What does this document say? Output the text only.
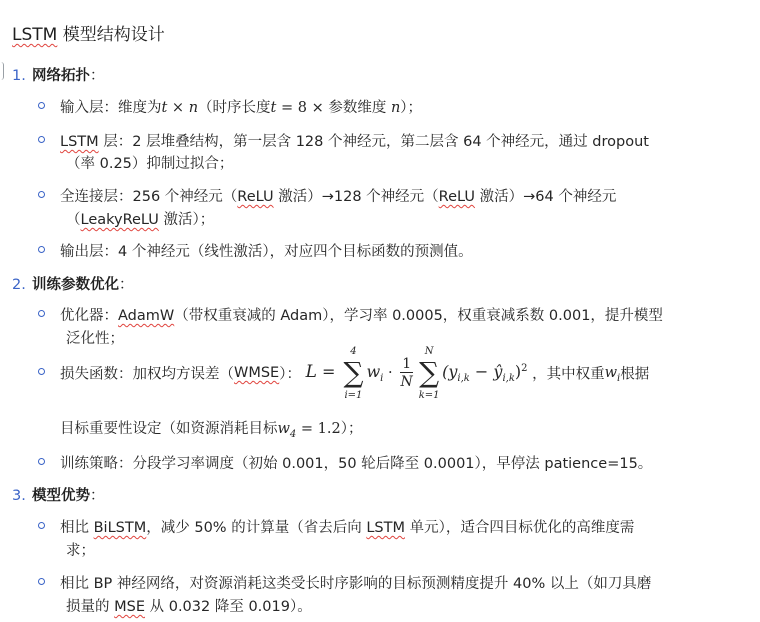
LSTM 模型结构设计
1. 网络拓扑：
输入层：维度为t × n（时序长度t = 8 × 参数维度 n）；
LSTM 层：2 层堆叠结构，第一层含 128 个神经元，第二层含 64 个神经元，通过 dropout
（率 0.25）抑制过拟合；
全连接层：256 个神经元（ReLU 激活）→128 个神经元（ReLU 激活）→64 个神经元
（LeakyReLU 激活）；
输出层：4 个神经元（线性激活），对应四个目标函数的预测值。
2. 训练参数优化：
优化器：AdamW（带权重衰减的 Adam），学习率 0.0005，权重衰减系数 0.001，提升模型
泛化性；
损失函数：加权均方误差（WMSE）： L =
4
∑
i=1
$w_i \cdot \frac{1}{N}$
N
∑
k=1
($y_{i,k}$ − $ŷ_{i,k})^2$ ，其中权重$w_i$根据
目标重要性设定（如资源消耗目标$w_4 = 1.2$）；
训练策略：分段学习率调度（初始 0.001，50 轮后降至 0.0001），早停法 patience=15。
3. 模型优势：
相比 BiLSTM，减少 50% 的计算量（省去后向 LSTM 单元），适合四目标优化的高维度需
求；
相比 BP 神经网络，对资源消耗这类受长时序影响的目标预测精度提升 40% 以上（如刀具磨
损量的 MSE 从 0.032 降至 0.019）。
